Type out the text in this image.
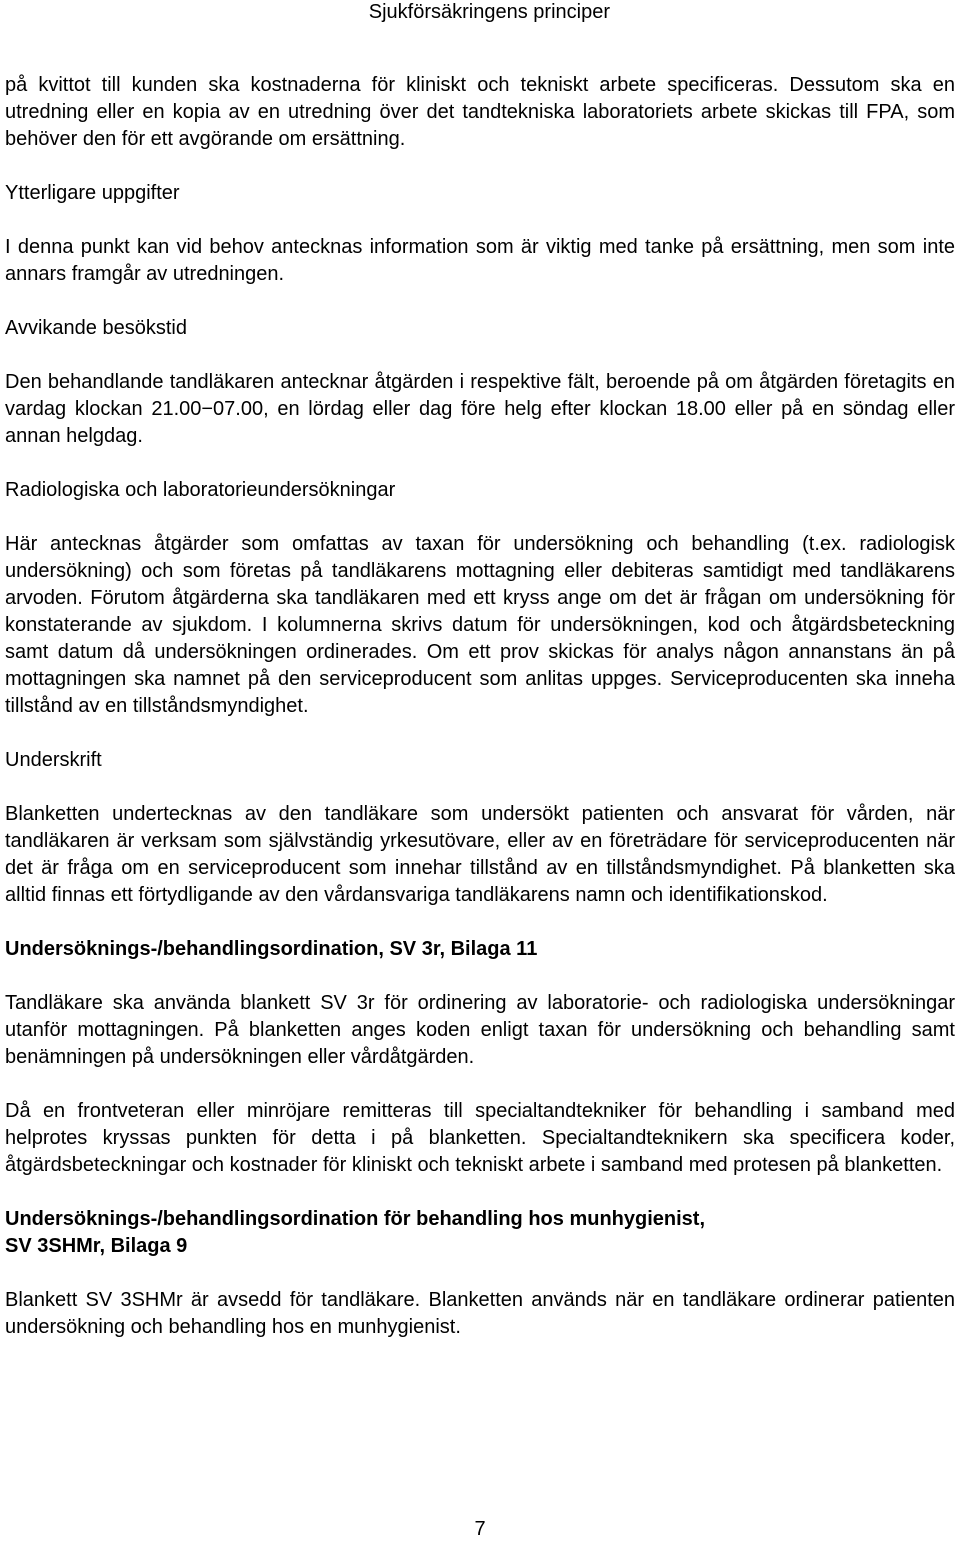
Sjukförsäkringens principer

på kvittot till kunden ska kostnaderna för kliniskt och tekniskt arbete specificeras. Dessutom ska en utredning eller en kopia av en utredning över det tandtekniska laboratoriets arbete skickas till FPA, som behöver den för ett avgörande om ersättning.

Ytterligare uppgifter

I denna punkt kan vid behov antecknas information som är viktig med tanke på ersättning, men som inte annars framgår av utredningen.

Avvikande besökstid

Den behandlande tandläkaren antecknar åtgärden i respektive fält, beroende på om åtgärden företagits en vardag klockan 21.00−07.00, en lördag eller dag före helg efter klockan 18.00 eller på en söndag eller annan helgdag.

Radiologiska och laboratorieundersökningar

Här antecknas åtgärder som omfattas av taxan för undersökning och behandling (t.ex. radiologisk undersökning) och som företas på tandläkarens mottagning eller debiteras samtidigt med tandläkarens arvoden. Förutom åtgärderna ska tandläkaren med ett kryss ange om det är frågan om undersökning för konstaterande av sjukdom. I kolumnerna skrivs datum för undersökningen, kod och åtgärdsbeteckning samt datum då undersökningen ordinerades. Om ett prov skickas för analys någon annanstans än på mottagningen ska namnet på den serviceproducent som anlitas uppges. Serviceproducenten ska inneha tillstånd av en tillståndsmyndighet.

Underskrift

Blanketten undertecknas av den tandläkare som undersökt patienten och ansvarat för vården, när tandläkaren är verksam som självständig yrkesutövare, eller av en företrädare för serviceproducenten när det är fråga om en serviceproducent som innehar tillstånd av en tillståndsmyndighet. På blanketten ska alltid finnas ett förtydligande av den vårdansvariga tandläkarens namn och identifikationskod.

Undersöknings-/behandlingsordination, SV 3r, Bilaga 11

Tandläkare ska använda blankett SV 3r för ordinering av laboratorie- och radiologiska undersökningar utanför mottagningen. På blanketten anges koden enligt taxan för undersökning och behandling samt benämningen på undersökningen eller vårdåtgärden.

Då en frontveteran eller minröjare remitteras till specialtandtekniker för behandling i samband med helprotes kryssas punkten för detta i på blanketten. Specialtandteknikern ska specificera koder, åtgärdsbeteckningar och kostnader för kliniskt och tekniskt arbete i samband med protesen på blanketten.

Undersöknings-/behandlingsordination för behandling hos munhygienist,

SV 3SHMr, Bilaga 9

Blankett SV 3SHMr är avsedd för tandläkare. Blanketten används när en tandläkare ordinerar patienten undersökning och behandling hos en munhygienist.

7
